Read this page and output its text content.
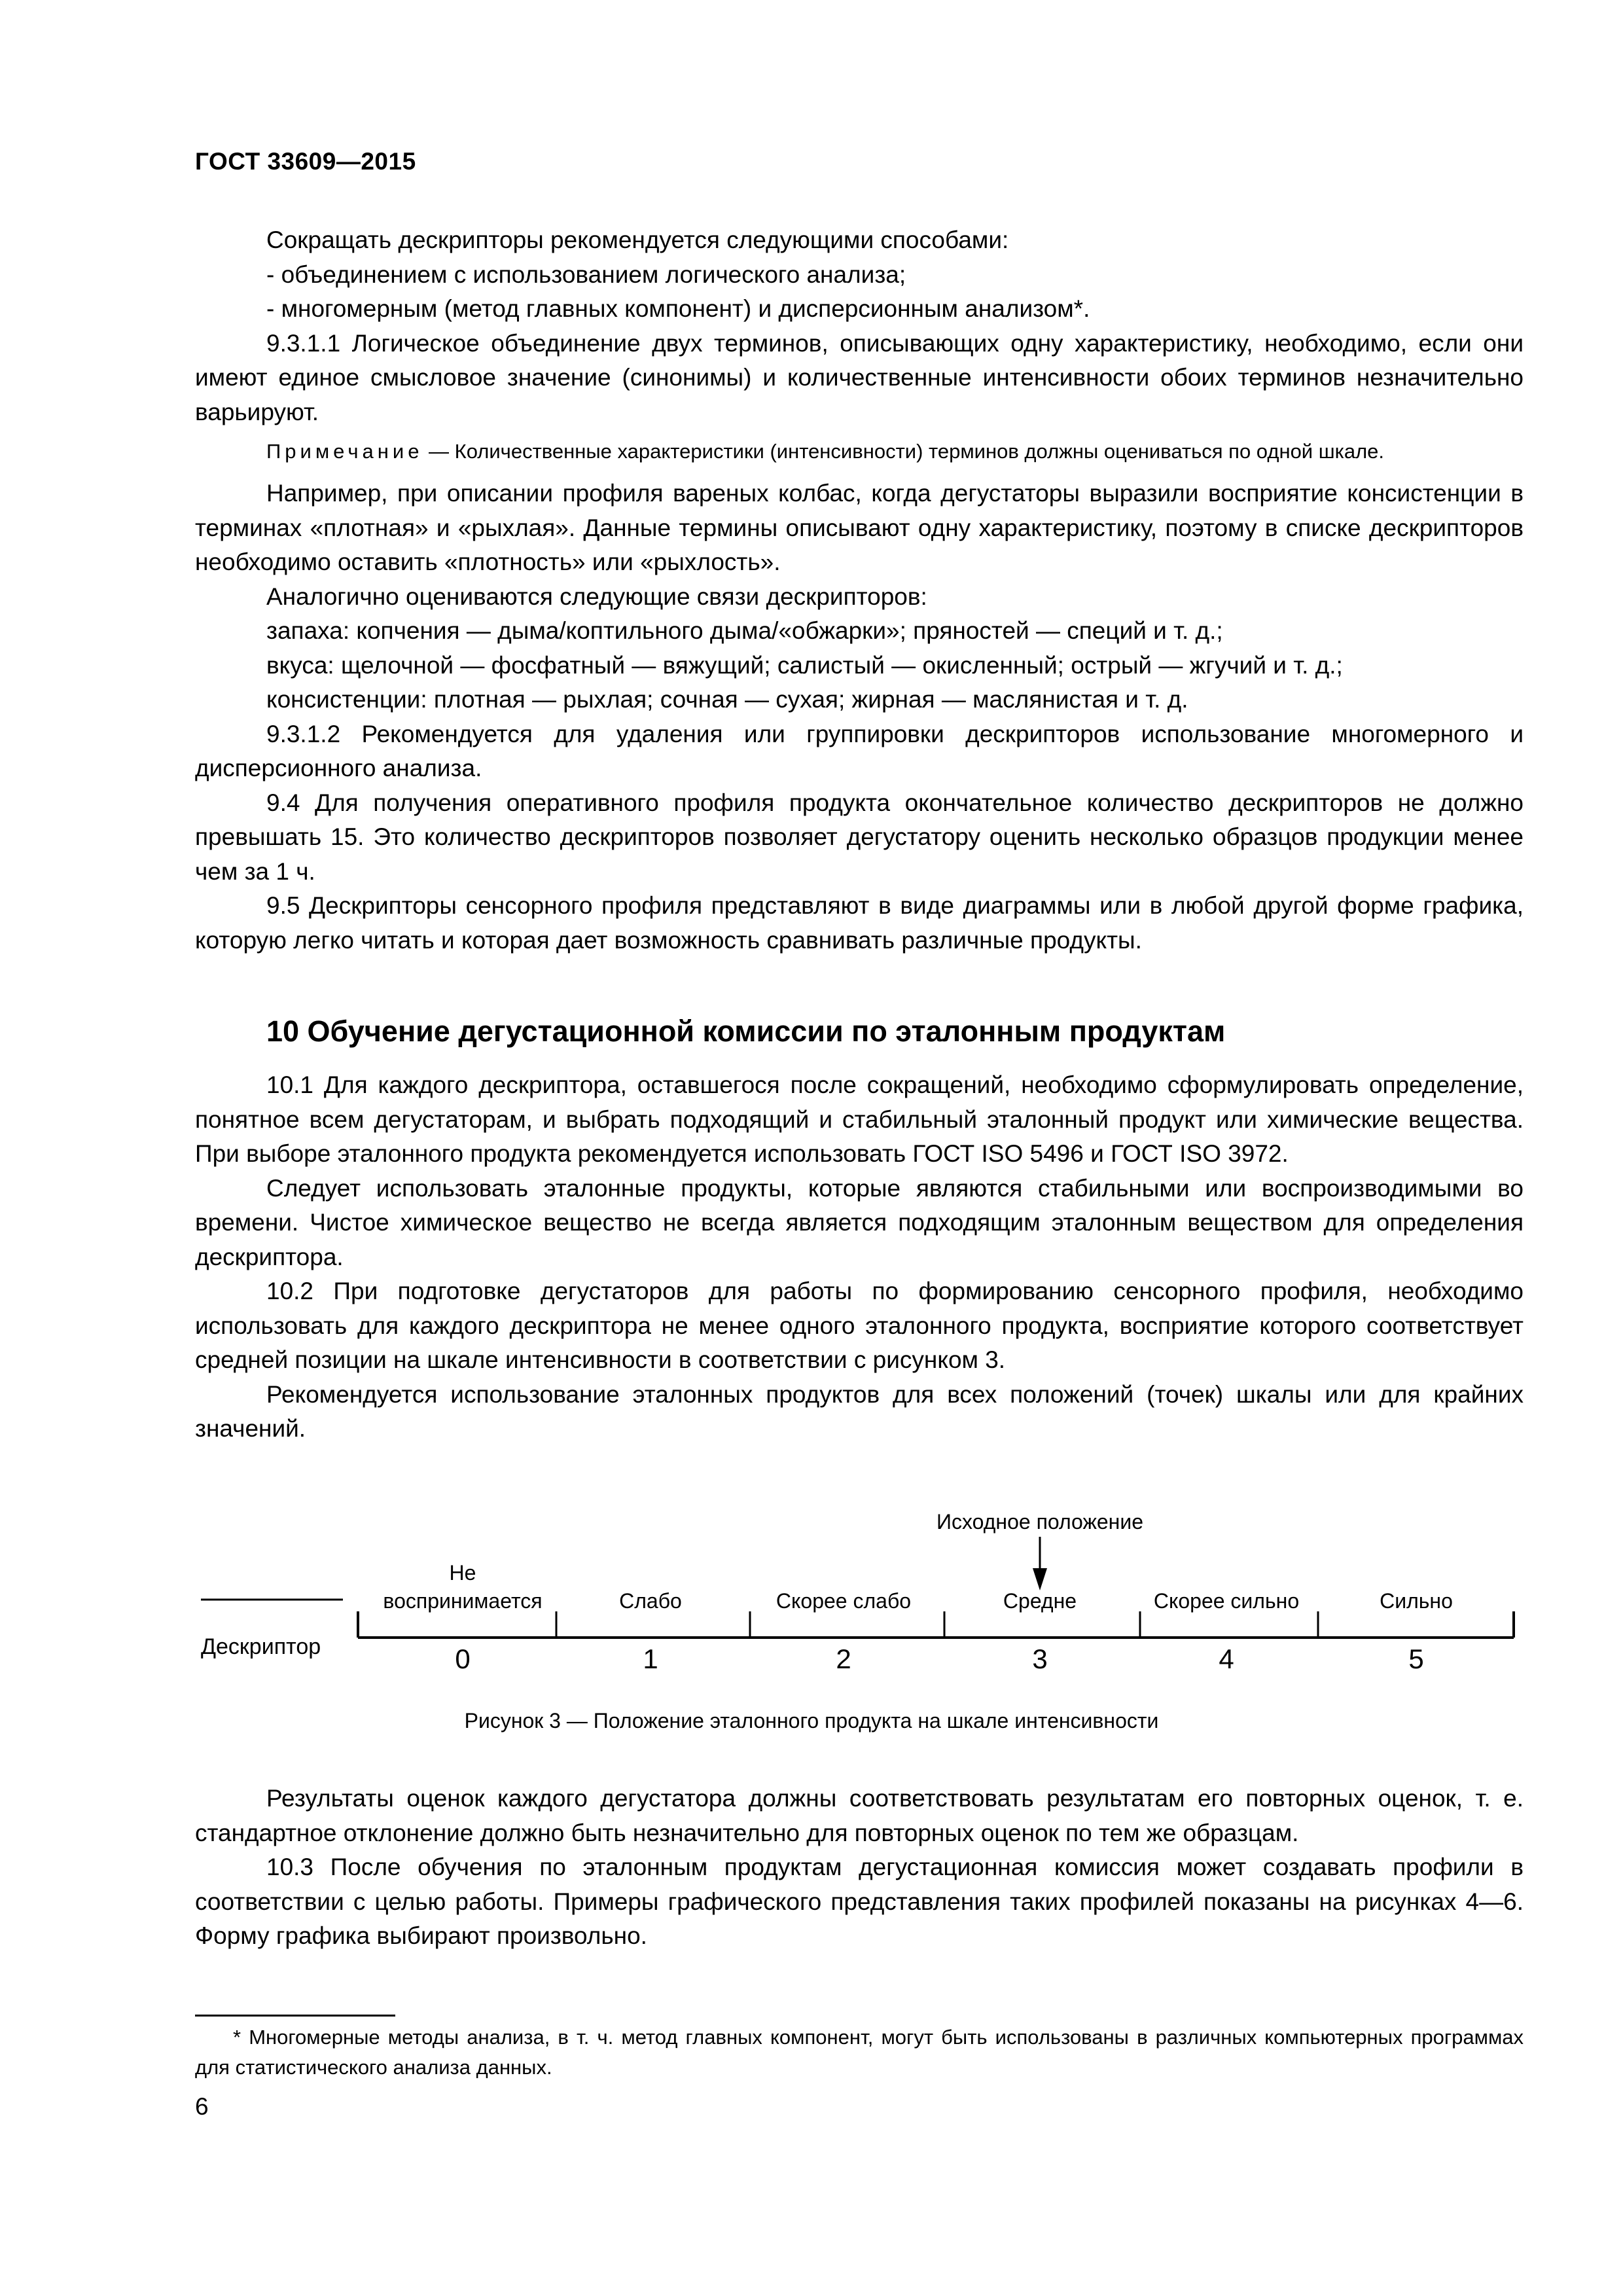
ГОСТ 33609—2015

Сокращать дескрипторы рекомендуется следующими способами:

- объединением с использованием логического анализа;

- многомерным (метод главных компонент) и дисперсионным анализом*.

9.3.1.1 Логическое объединение двух терминов, описывающих одну характеристику, необходимо, если они имеют единое смысловое значение (синонимы) и количественные интенсивности обоих терминов незначительно варьируют.

Примечание — Количественные характеристики (интенсивности) терминов должны оцениваться по одной шкале.

Например, при описании профиля вареных колбас, когда дегустаторы выразили восприятие консистенции в терминах «плотная» и «рыхлая». Данные термины описывают одну характеристику, поэтому в списке дескрипторов необходимо оставить «плотность» или «рыхлость».

Аналогично оцениваются следующие связи дескрипторов:

запаха: копчения — дыма/коптильного дыма/«обжарки»; пряностей — специй и т. д.;

вкуса: щелочной — фосфатный — вяжущий; салистый — окисленный; острый — жгучий и т. д.;

консистенции: плотная — рыхлая; сочная — сухая; жирная — маслянистая и т. д.

9.3.1.2 Рекомендуется для удаления или группировки дескрипторов использование многомерного и дисперсионного анализа.

9.4 Для получения оперативного профиля продукта окончательное количество дескрипторов не должно превышать 15. Это количество дескрипторов позволяет дегустатору оценить несколько образцов продукции менее чем за 1 ч.

9.5 Дескрипторы сенсорного профиля представляют в виде диаграммы или в любой другой форме графика, которую легко читать и которая дает возможность сравнивать различные продукты.

10 Обучение дегустационной комиссии по эталонным продуктам

10.1 Для каждого дескриптора, оставшегося после сокращений, необходимо сформулировать определение, понятное всем дегустаторам, и выбрать подходящий и стабильный эталонный продукт или химические вещества. При выборе эталонного продукта рекомендуется использовать ГОСТ ISO 5496 и ГОСТ ISO 3972.

Следует использовать эталонные продукты, которые являются стабильными или воспроизводимыми во времени. Чистое химическое вещество не всегда является подходящим эталонным веществом для определения дескриптора.

10.2 При подготовке дегустаторов для работы по формированию сенсорного профиля, необходимо использовать для каждого дескриптора не менее одного эталонного продукта, восприятие которого соответствует средней позиции на шкале интенсивности в соответствии с рисунком 3.

Рекомендуется использование эталонных продуктов для всех положений (точек) шкалы или для крайних значений.

Исходное положение
Дескриптор
Не
воспринимается
0
Слабо
1
Скорее слабо
2
Средне
3
Скорее сильно
4
Сильно
5
Рисунок 3 — Положение эталонного продукта на шкале интенсивности

Результаты оценок каждого дегустатора должны соответствовать результатам его повторных оценок, т. е. стандартное отклонение должно быть незначительно для повторных оценок по тем же образцам.

10.3 После обучения по эталонным продуктам дегустационная комиссия может создавать профили в соответствии с целью работы. Примеры графического представления таких профилей показаны на рисунках 4—6. Форму графика выбирают произвольно.

* Многомерные методы анализа, в т. ч. метод главных компонент, могут быть использованы в различных компьютерных программах для статистического анализа данных.

6
